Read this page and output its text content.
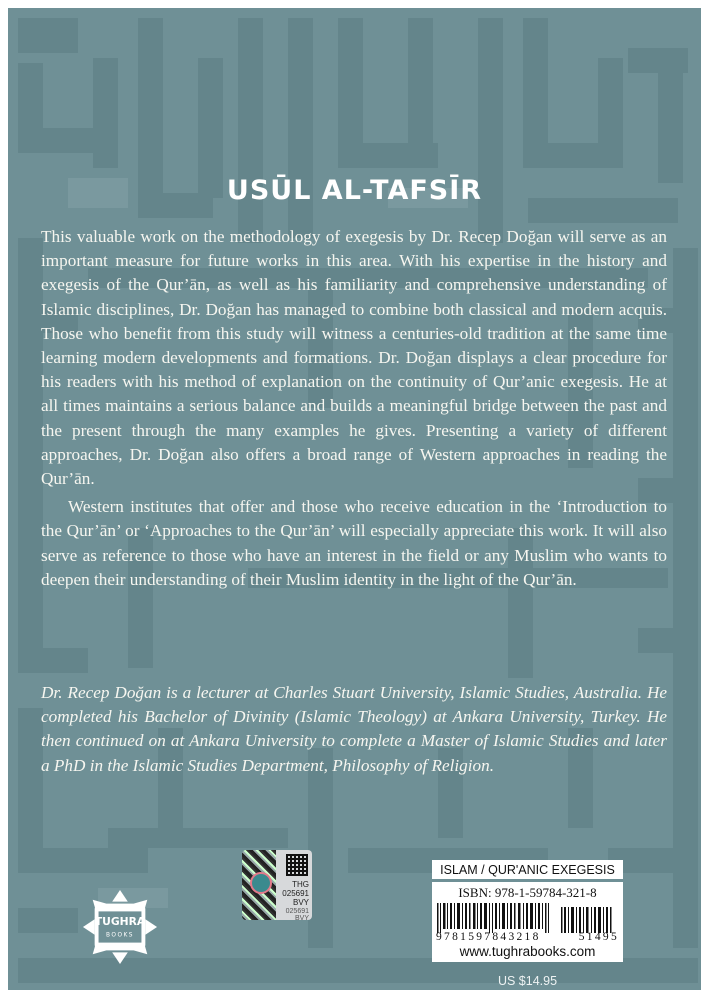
USŪL AL-TAFSĪR

This valuable work on the methodology of exegesis by Dr. Recep Doğan will serve as an important measure for future works in this area. With his expertise in the history and exegesis of the Qur’ān, as well as his familiarity and comprehensive understanding of Islamic disciplines, Dr. Doğan has managed to combine both classical and modern acquis. Those who benefit from this study will witness a centuries-old tradition at the same time learning modern developments and formations. Dr. Doğan displays a clear procedure for his readers with his method of explanation on the continuity of Qur’anic exegesis. He at all times maintains a serious balance and builds a meaningful bridge between the past and the present through the many examples he gives. Presenting a variety of different approaches, Dr. Doğan also offers a broad range of Western approaches in reading the Qur’ān.

Western institutes that offer and those who receive education in the ‘Introduction to the Qur’ān’ or ‘Approaches to the Qur’ān’ will especially appreciate this work. It will also serve as reference to those who have an interest in the field or any Muslim who wants to deepen their understanding of their Muslim identity in the light of the Qur’ān.

Dr. Recep Doğan is a lecturer at Charles Stuart University, Islamic Studies, Australia. He completed his Bachelor of Divinity (Islamic Theology) at Ankara University, Turkey. He then continued on at Ankara University to complete a Master of Islamic Studies and later a PhD in the Islamic Studies Department, Philosophy of Religion.
TUGHRA
BOOKS
THG
025691
BVY
025691 BVY
ISLAM / QUR'ANIC EXEGESIS
ISBN: 978-1-59784-321-8
9781597843218	51495
www.tughrabooks.com
US $14.95
